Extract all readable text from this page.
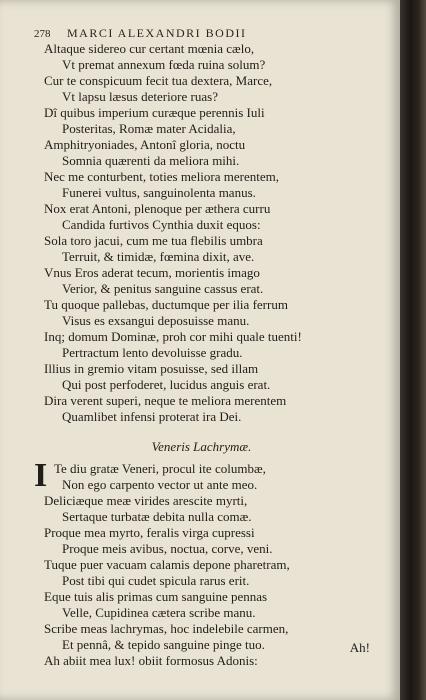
278 MARCI ALEXANDRI BODII
Altaque sidereo cur certant mœnia cælo,
Vt premat annexum fœda ruina solum?
Cur te conspicuum fecit tua dextera, Marce,
Vt lapsu læsus deteriore ruas?
Dî quibus imperium curæque perennis Iuli
Posteritas, Romæ mater Acidalia,
Amphitryoniades, Antonî gloria, noctu
Somnia quærenti da meliora mihi.
Nec me conturbent, toties meliora merentem,
Funerei vultus, sanguinolenta manus.
Nox erat Antoni, plenoque per æthera curru
Candida furtivos Cynthia duxit equos:
Sola toro jacui, cum me tua flebilis umbra
Terruit, & timidæ, fœmina dixit, ave.
Vnus Eros aderat tecum, morientis imago
Verior, & penitus sanguine cassus erat.
Tu quoque pallebas, ductumque per ilia ferrum
Visus es exsangui deposuisse manu.
Inq; domum Dominæ, proh cor mihi quale tuenti!
Pertractum lento devoluisse gradu.
Illius in gremio vitam posuisse, sed illam
Qui post perfoderet, lucidus anguis erat.
Dira verent superi, neque te meliora merentem
Quamlibet infensi proterat ira Dei.
Veneris Lachrymæ.
I Te diu gratæ Veneri, procul ite columbæ,
Non ego carpento vector ut ante meo.
Deliciæque meæ virides arescite myrti,
Sertaque turbatæ debita nulla comæ.
Proque mea myrto, feralis virga cupressi
Proque meis avibus, noctua, corve, veni.
Tuque puer vacuam calamis depone pharetram,
Post tibi qui cudet spicula rarus erit.
Eque tuis alis primas cum sanguine pennas
Velle, Cupidinea cætera scribe manu.
Scribe meas lachrymas, hoc indelebile carmen,
Et pennâ, & tepido sanguine pinge tuo.
Ah abiit mea lux! obiit formosus Adonis:
Ah!
